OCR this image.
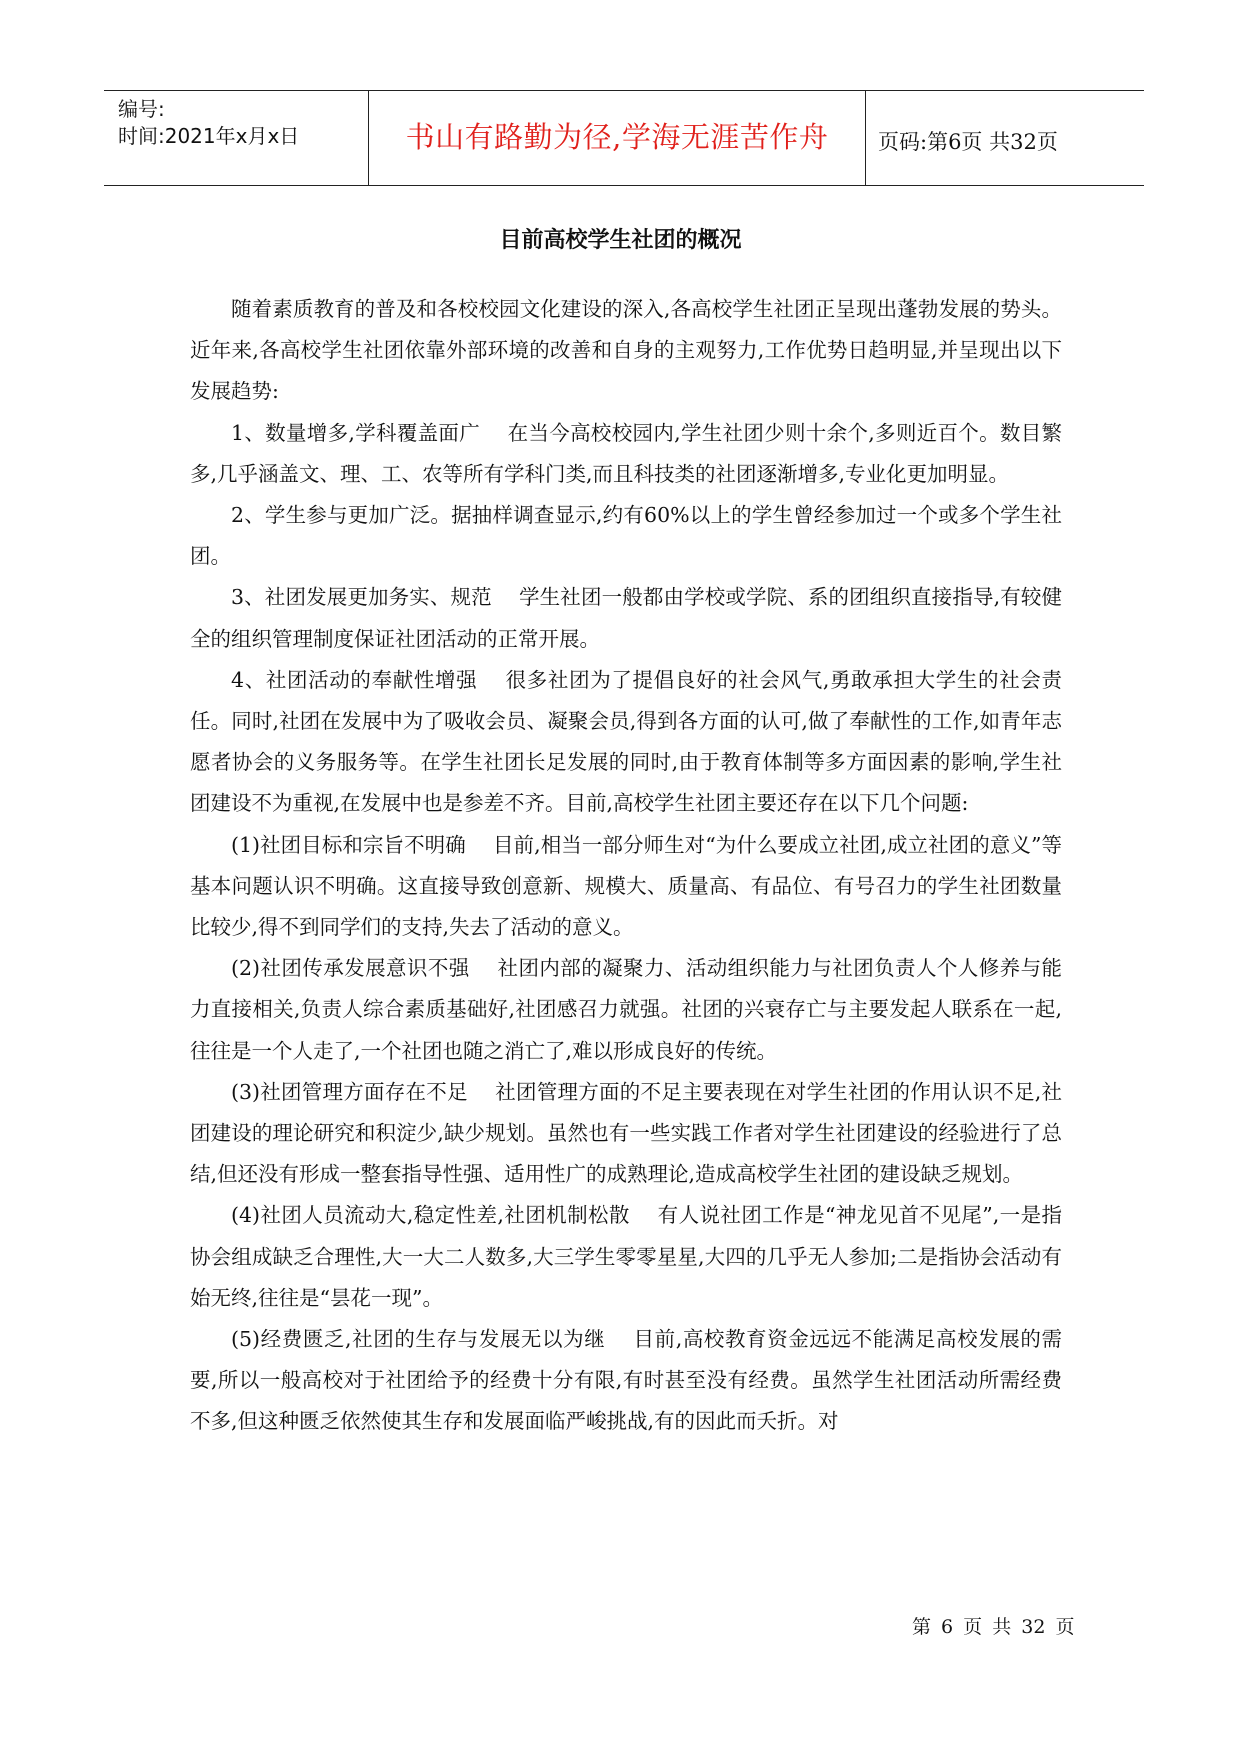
编号:
时间:2021年x月x日	书山有路勤为径,学海无涯苦作舟	页码:第6页 共32页
目前高校学生社团的概况

随着素质教育的普及和各校校园文化建设的深入,各高校学生社团正呈现出蓬勃发展的势头。近年来,各高校学生社团依靠外部环境的改善和自身的主观努力,工作优势日趋明显,并呈现出以下发展趋势:

1、数量增多,学科覆盖面广　 在当今高校校园内,学生社团少则十余个,多则近百个。数目繁多,几乎涵盖文、理、工、农等所有学科门类,而且科技类的社团逐渐增多,专业化更加明显。

2、学生参与更加广泛。据抽样调查显示,约有60%以上的学生曾经参加过一个或多个学生社团。

3、社团发展更加务实、规范　 学生社团一般都由学校或学院、系的团组织直接指导,有较健全的组织管理制度保证社团活动的正常开展。

4、社团活动的奉献性增强　 很多社团为了提倡良好的社会风气,勇敢承担大学生的社会责任。同时,社团在发展中为了吸收会员、凝聚会员,得到各方面的认可,做了奉献性的工作,如青年志愿者协会的义务服务等。在学生社团长足发展的同时,由于教育体制等多方面因素的影响,学生社团建设不为重视,在发展中也是参差不齐。目前,高校学生社团主要还存在以下几个问题:

(1)社团目标和宗旨不明确　 目前,相当一部分师生对“为什么要成立社团,成立社团的意义”等基本问题认识不明确。这直接导致创意新、规模大、质量高、有品位、有号召力的学生社团数量比较少,得不到同学们的支持,失去了活动的意义。

(2)社团传承发展意识不强　 社团内部的凝聚力、活动组织能力与社团负责人个人修养与能力直接相关,负责人综合素质基础好,社团感召力就强。社团的兴衰存亡与主要发起人联系在一起,往往是一个人走了,一个社团也随之消亡了,难以形成良好的传统。

(3)社团管理方面存在不足　 社团管理方面的不足主要表现在对学生社团的作用认识不足,社团建设的理论研究和积淀少,缺少规划。虽然也有一些实践工作者对学生社团建设的经验进行了总结,但还没有形成一整套指导性强、适用性广的成熟理论,造成高校学生社团的建设缺乏规划。

(4)社团人员流动大,稳定性差,社团机制松散　 有人说社团工作是“神龙见首不见尾”,一是指协会组成缺乏合理性,大一大二人数多,大三学生零零星星,大四的几乎无人参加;二是指协会活动有始无终,往往是“昙花一现”。

(5)经费匮乏,社团的生存与发展无以为继　 目前,高校教育资金远远不能满足高校发展的需要,所以一般高校对于社团给予的经费十分有限,有时甚至没有经费。虽然学生社团活动所需经费不多,但这种匮乏依然使其生存和发展面临严峻挑战,有的因此而夭折。对

第 6 页 共 32 页
